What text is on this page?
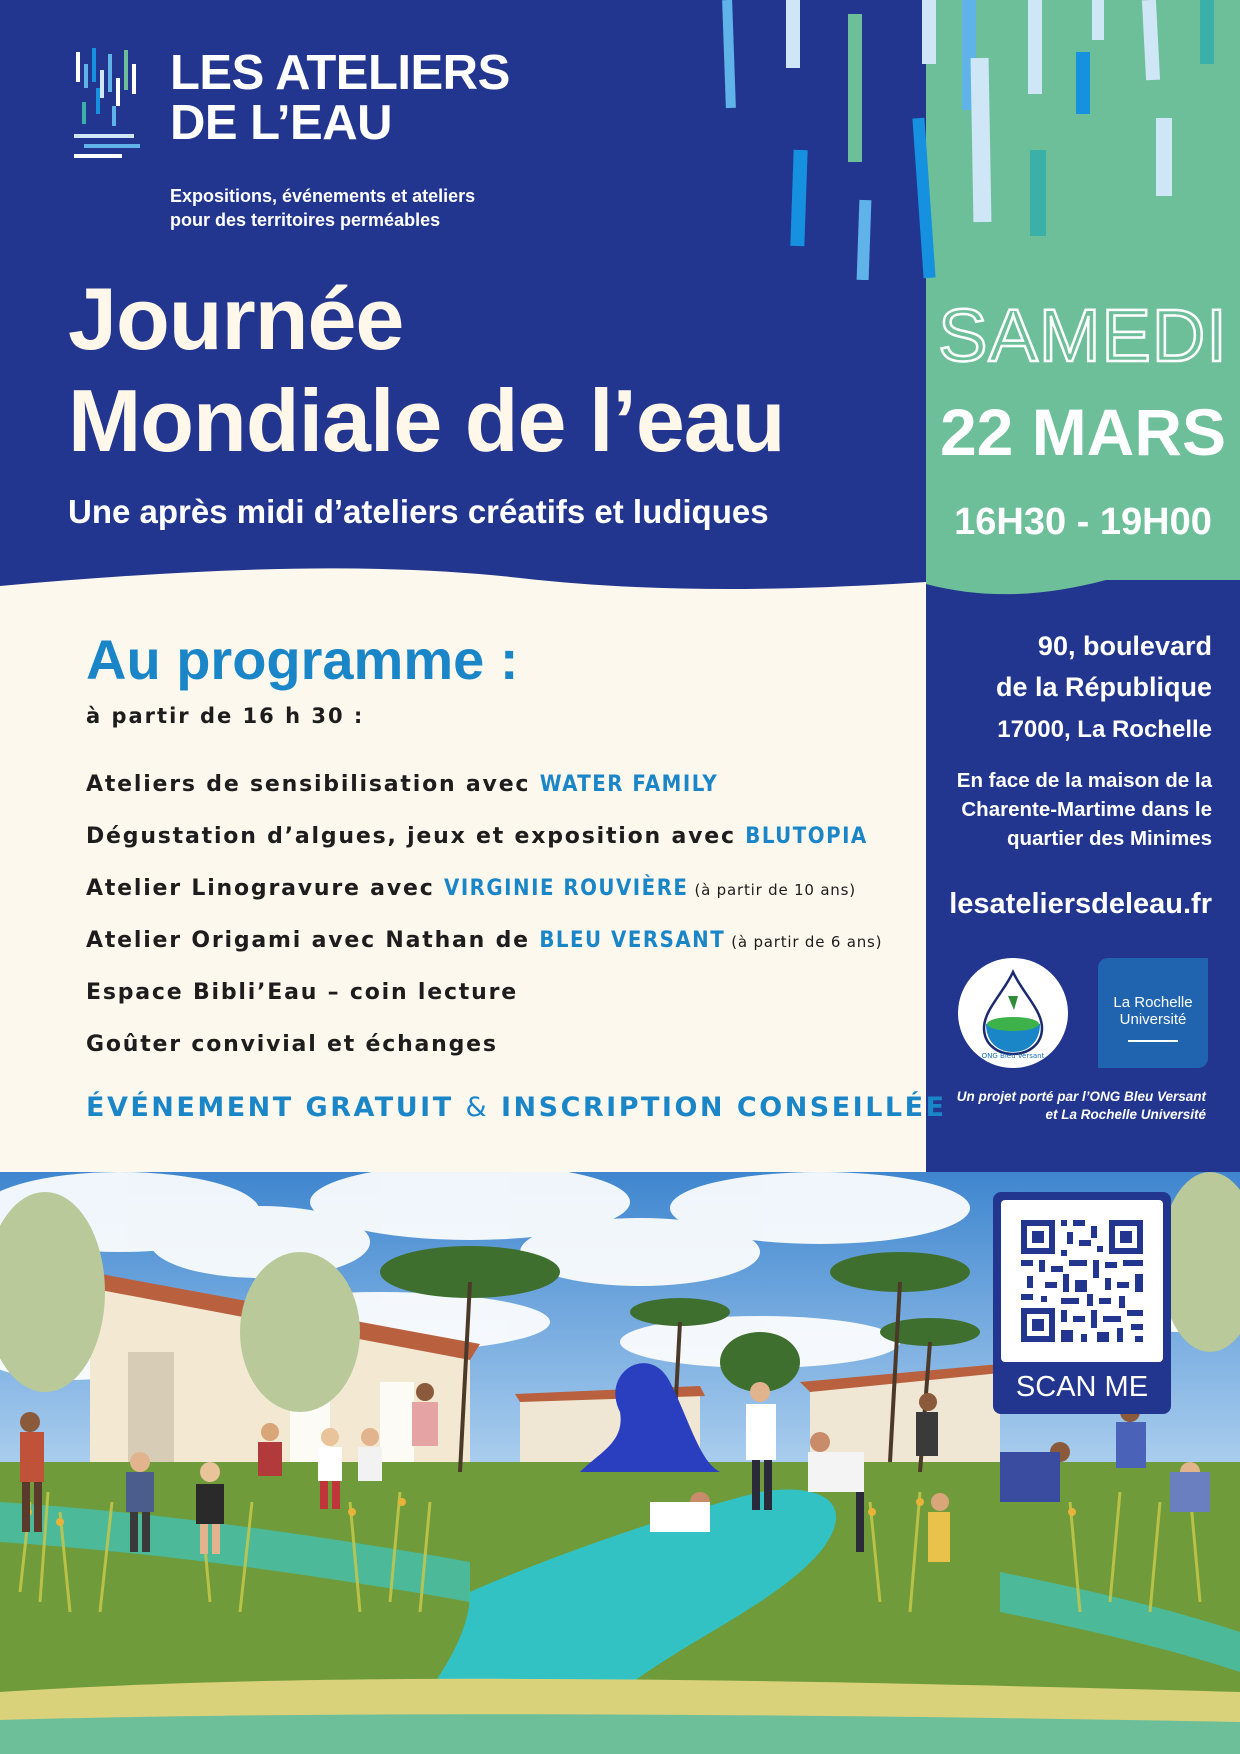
LES ATELIERS
DE L’EAU
Expositions, événements et ateliers
pour des territoires perméables
Journée
Mondiale de l’eau
Une après midi d’ateliers créatifs et ludiques
SAMEDI
22 MARS
16H30 - 19H00
Au programme :
à partir de 16 h 30 :
Ateliers de sensibilisation avec WATER FAMILY
Dégustation d’algues, jeux et exposition avec BLUTOPIA
Atelier Linogravure avec VIRGINIE ROUVIÈRE (à partir de 10 ans)
Atelier Origami avec Nathan de BLEU VERSANT (à partir de 6 ans)
Espace Bibli’Eau – coin lecture
Goûter convivial et échanges
ÉVÉNEMENT GRATUIT & INSCRIPTION CONSEILLÉE
90, boulevard
de la République
17000, La Rochelle
En face de la maison de la
Charente-Martime dans le
quartier des Minimes
lesateliersdeleau.fr
ONG Bleu Versant
La Rochelle
Université
Un projet porté par l’ONG Bleu Versant
et La Rochelle Université
SCAN ME
